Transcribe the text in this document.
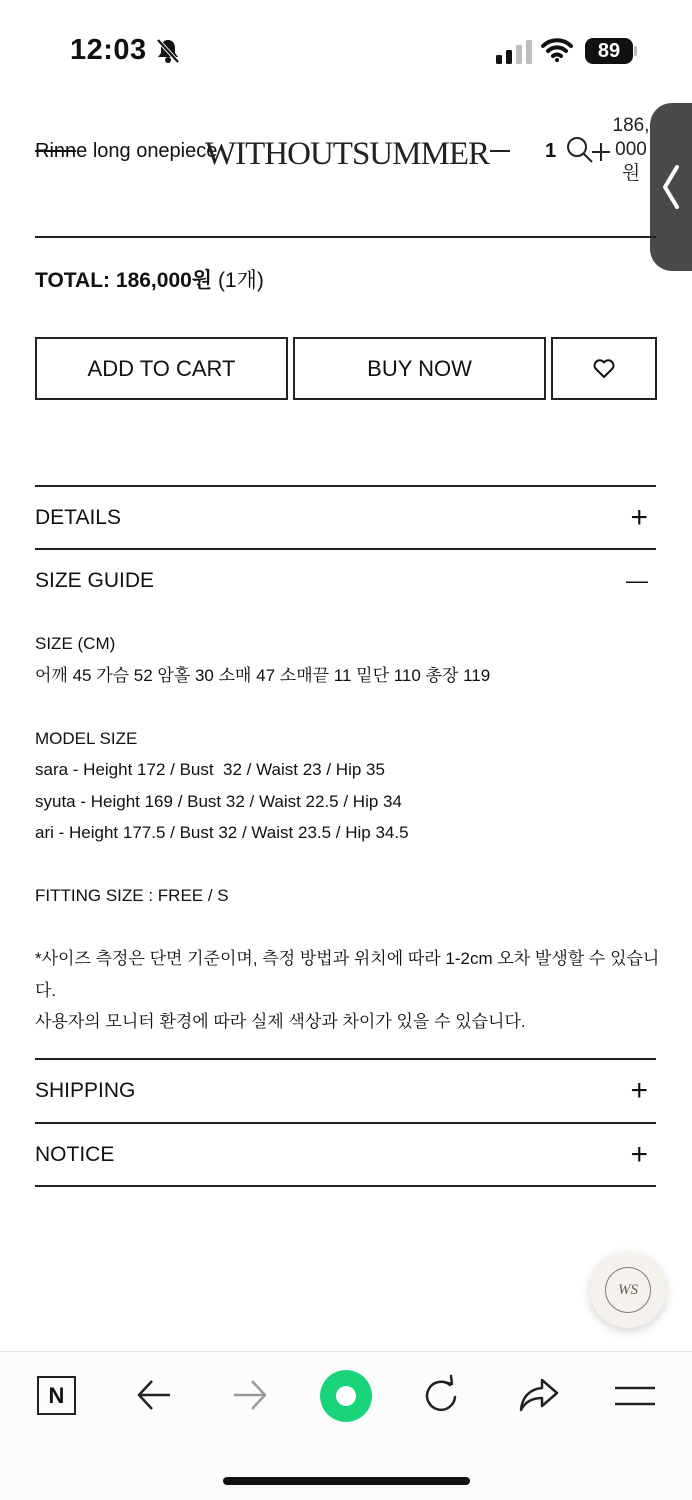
12:03	89
Rinne long onepiece
WITHOUTSUMMER	1
186,
000
원
TOTAL: 186,000원 (1개)
ADD TO CART	BUY NOW
DETAILS	+
SIZE GUIDE	—
SIZE (CM)
어깨 45 가슴 52 암홀 30 소매 47 소매끝 11 밑단 110 총장 119
MODEL SIZE
sara - Height 172 / Bust  32 / Waist 23 / Hip 35
syuta - Height 169 / Bust 32 / Waist 22.5 / Hip 34
ari - Height 177.5 / Bust 32 / Waist 23.5 / Hip 34.5
FITTING SIZE : FREE / S
*사이즈 측정은 단면 기준이며, 측정 방법과 위치에 따라 1-2cm 오차 발생할 수 있습니
다.
사용자의 모니터 환경에 따라 실제 색상과 차이가 있을 수 있습니다.
SHIPPING	+
NOTICE	+
WS
N
